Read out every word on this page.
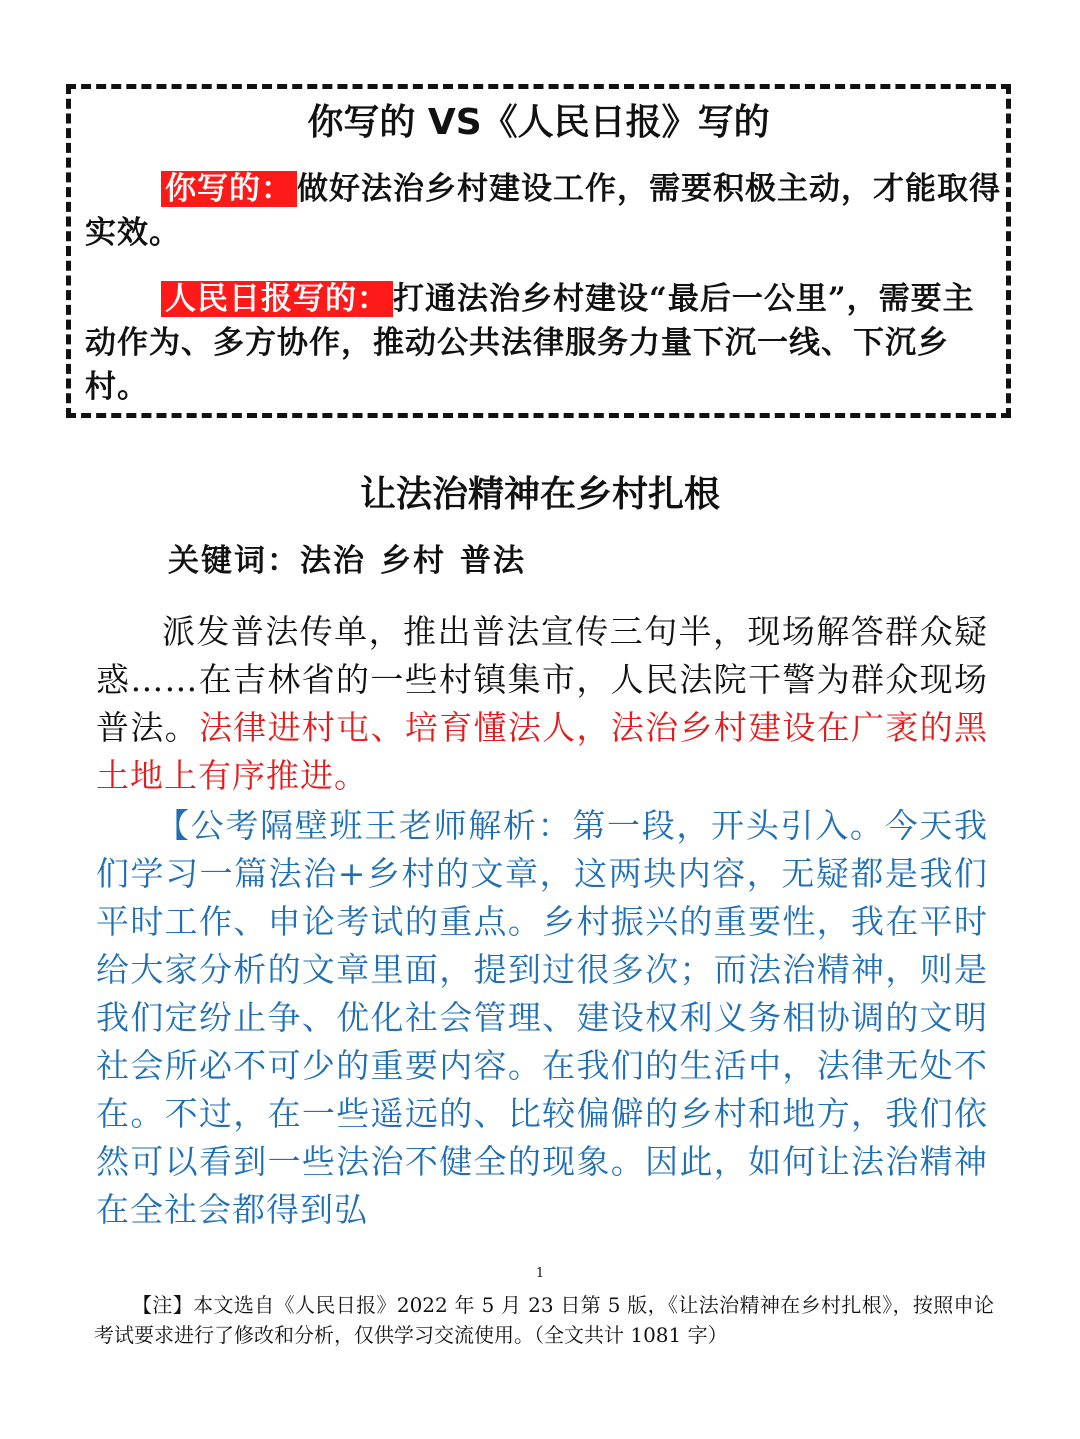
你写的 VS《人民日报》写的
你写的： 做好法治乡村建设工作，需要积极主动，才能取得实效。
人民日报写的： 打通法治乡村建设“最后一公里”，需要主动作为、多方协作，推动公共法律服务力量下沉一线、下沉乡村。
让法治精神在乡村扎根
关键词：法治 乡村 普法
派发普法传单，推出普法宣传三句半，现场解答群众疑惑……在吉林省的一些村镇集市，人民法院干警为群众现场普法。法律进村屯、培育懂法人，法治乡村建设在广袤的黑土地上有序推进。
【公考隔壁班王老师解析：第一段，开头引入。今天我们学习一篇法治+乡村的文章，这两块内容，无疑都是我们平时工作、申论考试的重点。乡村振兴的重要性，我在平时给大家分析的文章里面，提到过很多次；而法治精神，则是我们定纷止争、优化社会管理、建设权利义务相协调的文明社会所必不可少的重要内容。在我们的生活中，法律无处不在。不过，在一些遥远的、比较偏僻的乡村和地方，我们依然可以看到一些法治不健全的现象。因此，如何让法治精神在全社会都得到弘
1
【注】本文选自《人民日报》2022 年 5 月 23 日第 5 版，《让法治精神在乡村扎根》，按照申论考试要求进行了修改和分析，仅供学习交流使用。（全文共计 1081 字）
